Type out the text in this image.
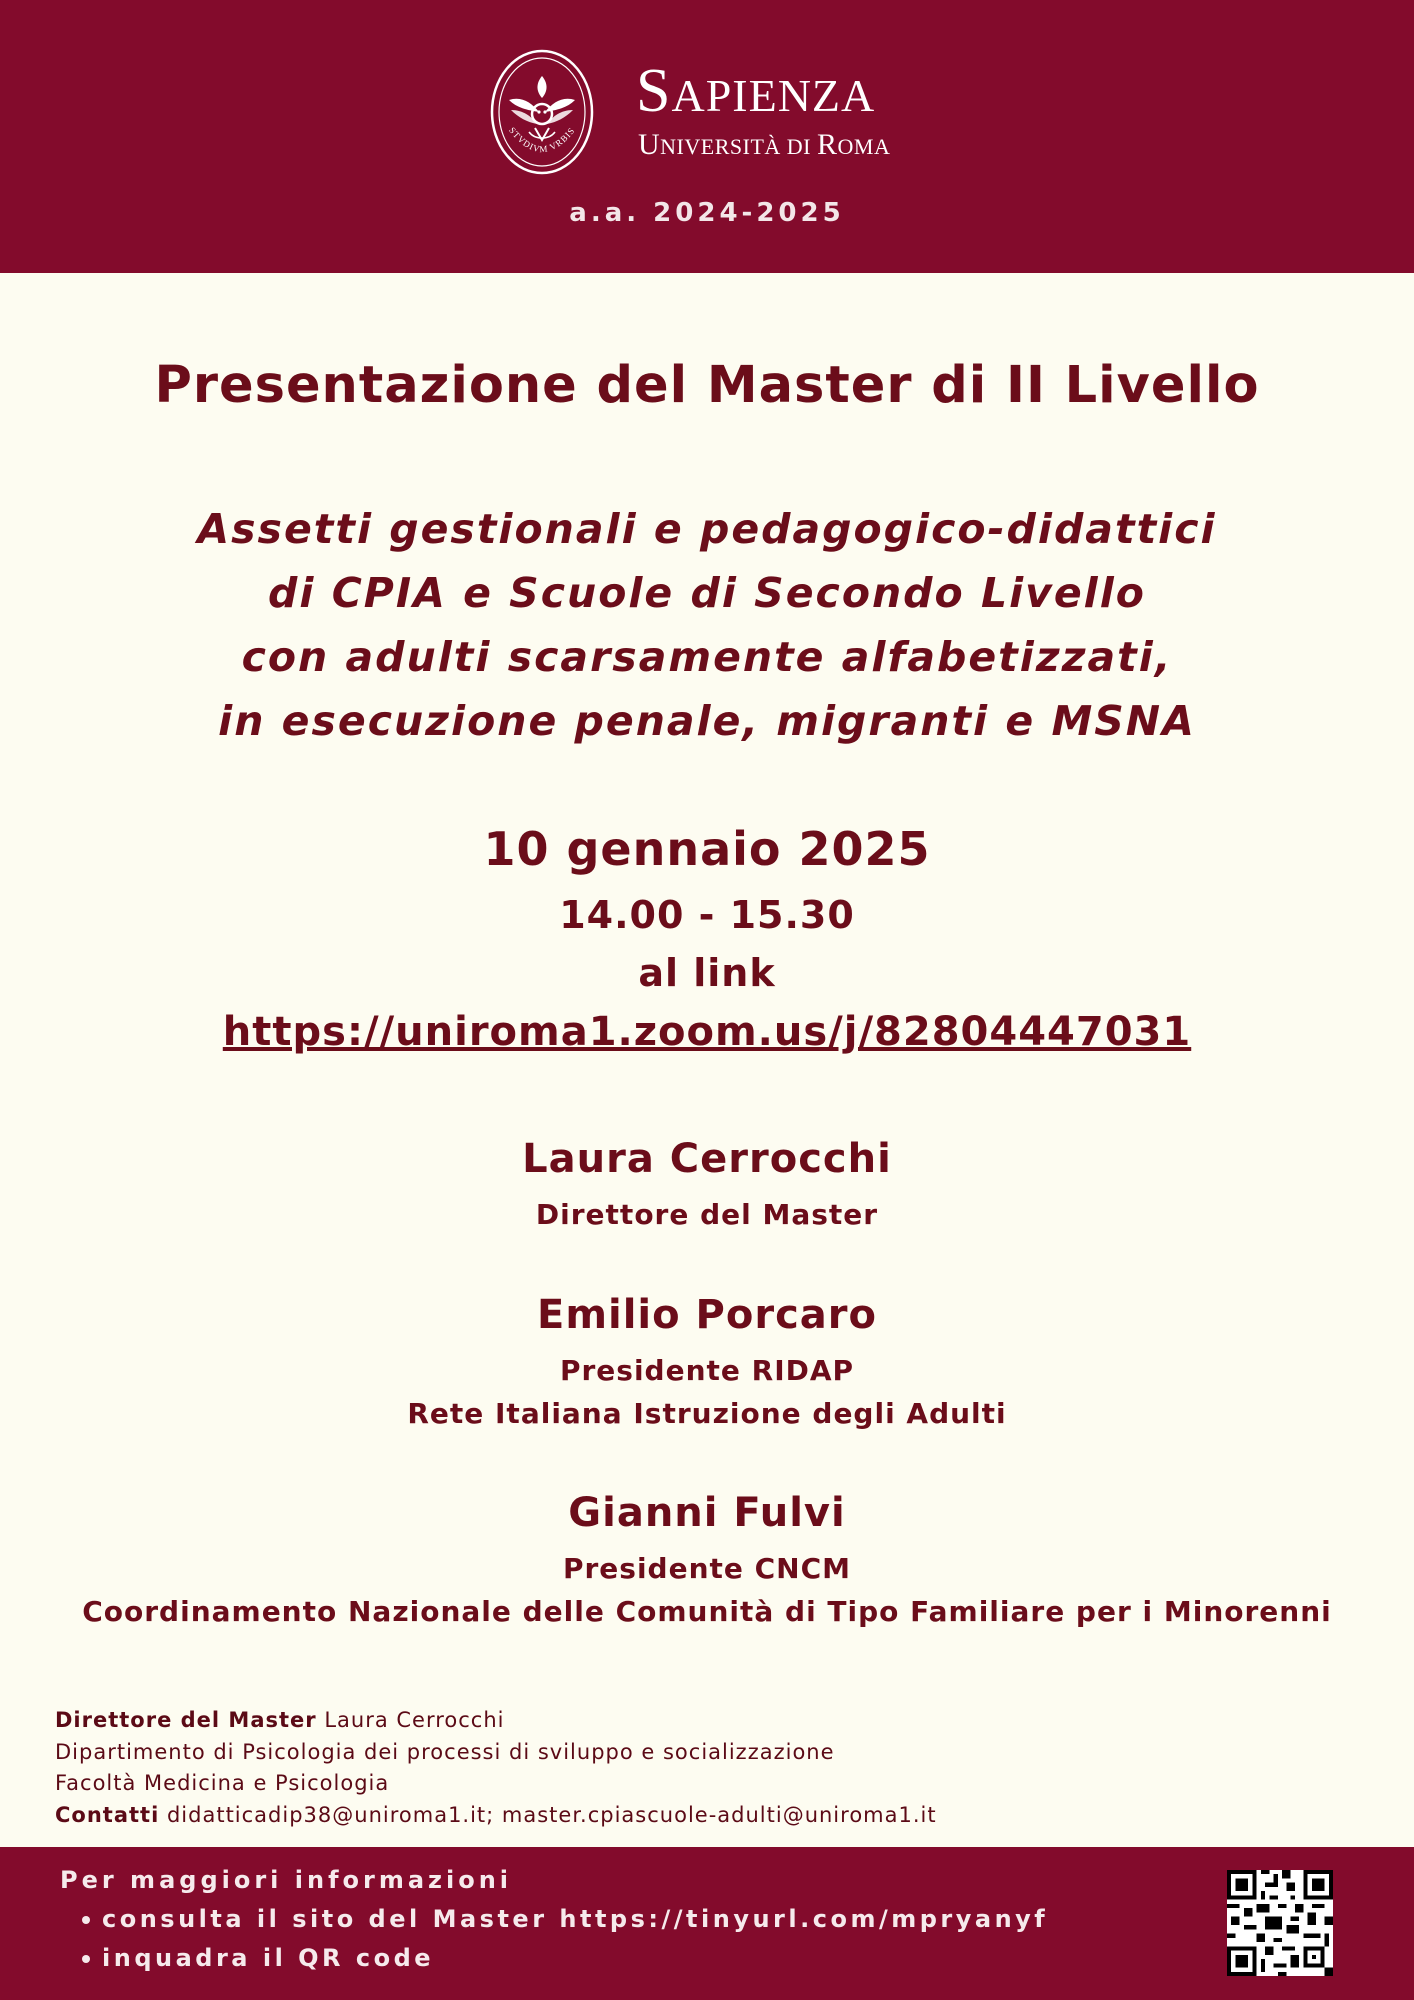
STVDIVM VRBIS
SAPIENZA
UNIVERSITÀ DI ROMA
a.a. 2024-2025
Presentazione del Master di II Livello
Assetti gestionali e pedagogico-didattici
di CPIA e Scuole di Secondo Livello
con adulti scarsamente alfabetizzati,
in esecuzione penale, migranti e MSNA
10 gennaio 2025
14.00 - 15.30
al link
https://uniroma1.zoom.us/j/82804447031
Laura Cerrocchi
Direttore del Master
Emilio Porcaro
Presidente RIDAP
Rete Italiana Istruzione degli Adulti
Gianni Fulvi
Presidente CNCM
Coordinamento Nazionale delle Comunità di Tipo Familiare per i Minorenni
Direttore del Master Laura Cerrocchi
Dipartimento di Psicologia dei processi di sviluppo e socializzazione
Facoltà Medicina e Psicologia
Contatti didatticadip38@uniroma1.it; master.cpiascuole-adulti@uniroma1.it
Per maggiori informazioni
consulta il sito del Master https://tinyurl.com/mpryanyf
inquadra il QR code
